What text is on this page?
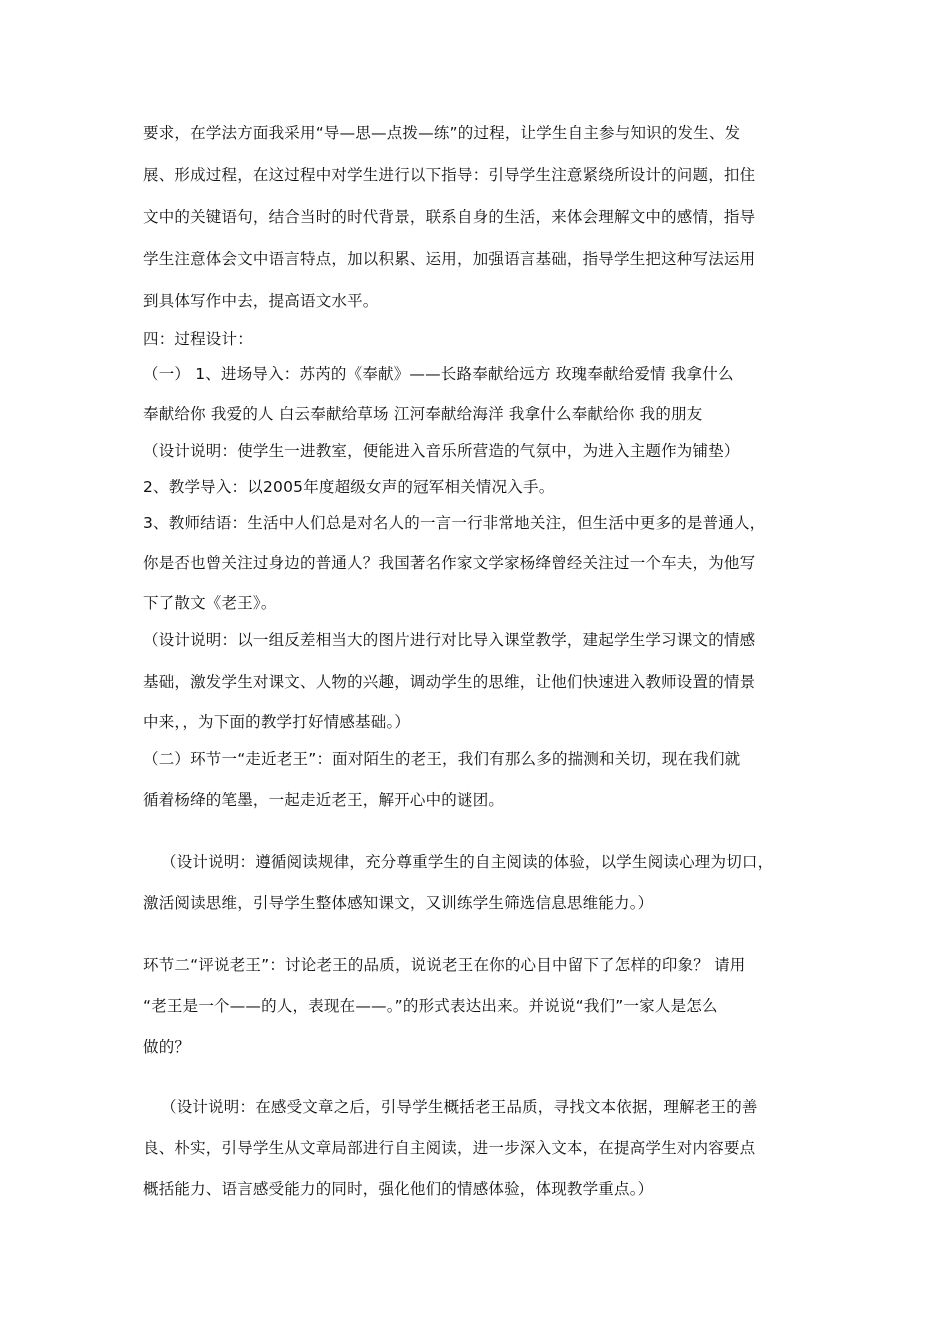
要求，在学法方面我采用“导—思—点拨—练”的过程，让学生自主参与知识的发生、发
展、形成过程，在这过程中对学生进行以下指导：引导学生注意紧绕所设计的问题，扣住
文中的关键语句，结合当时的时代背景，联系自身的生活，来体会理解文中的感情，指导
学生注意体会文中语言特点，加以积累、运用，加强语言基础，指导学生把这种写法运用
到具体写作中去，提高语文水平。
四：过程设计：
（一） 1、进场导入：苏芮的《奉献》——长路奉献给远方 玫瑰奉献给爱情 我拿什么
奉献给你 我爱的人 白云奉献给草场 江河奉献给海洋 我拿什么奉献给你 我的朋友
（设计说明：使学生一进教室，便能进入音乐所营造的气氛中，为进入主题作为铺垫）
2、教学导入：以2005年度超级女声的冠军相关情况入手。
3、教师结语：生活中人们总是对名人的一言一行非常地关注，但生活中更多的是普通人，
你是否也曾关注过身边的普通人？我国著名作家文学家杨绛曾经关注过一个车夫，为他写
下了散文《老王》。
（设计说明：以一组反差相当大的图片进行对比导入课堂教学，建起学生学习课文的情感
基础，激发学生对课文、人物的兴趣，调动学生的思维，让他们快速进入教师设置的情景
中来，，为下面的教学打好情感基础。）
（二）环节一“走近老王”：面对陌生的老王，我们有那么多的揣测和关切，现在我们就
循着杨绛的笔墨，一起走近老王，解开心中的谜团。
（设计说明：遵循阅读规律，充分尊重学生的自主阅读的体验，以学生阅读心理为切口，
激活阅读思维，引导学生整体感知课文，又训练学生筛选信息思维能力。）
环节二“评说老王”：讨论老王的品质，说说老王在你的心目中留下了怎样的印象？ 请用
“老王是一个——的人，表现在——。”的形式表达出来。并说说“我们”一家人是怎么
做的？
（设计说明：在感受文章之后，引导学生概括老王品质，寻找文本依据，理解老王的善
良、朴实，引导学生从文章局部进行自主阅读，进一步深入文本，在提高学生对内容要点
概括能力、语言感受能力的同时，强化他们的情感体验，体现教学重点。）
